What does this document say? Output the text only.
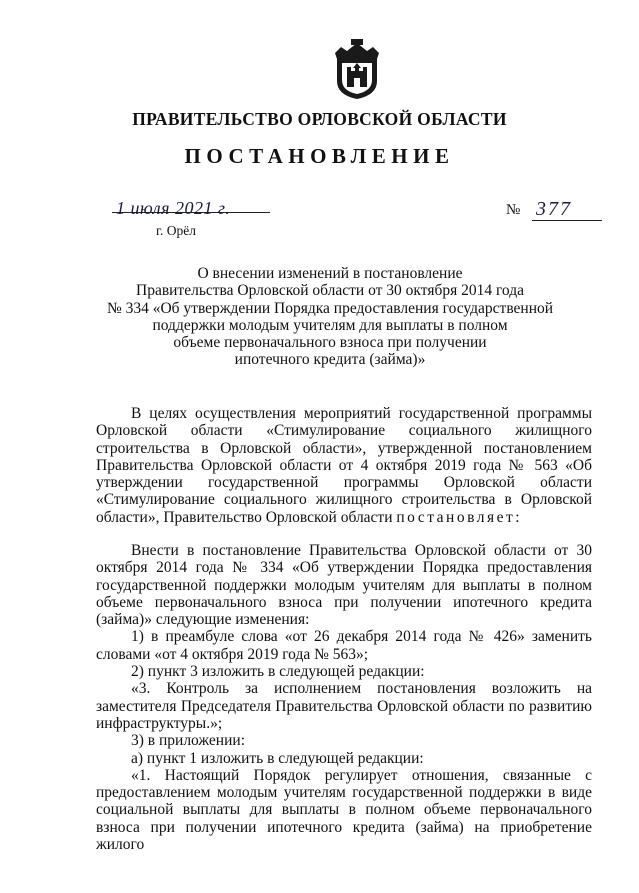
ПРАВИТЕЛЬСТВО ОРЛОВСКОЙ ОБЛАСТИ
ПОСТАНОВЛЕНИЕ
1 июля 2021 г.
г. Орёл
№ 377
О внесении изменений в постановление
Правительства Орловской области от 30 октября 2014 года
№ 334 «Об утверждении Порядка предоставления государственной
поддержки молодым учителям для выплаты в полном
объеме первоначального взноса при получении
ипотечного кредита (займа)»

В целях осуществления мероприятий государственной программы Орловской области «Стимулирование социального жилищного строительства в Орловской области», утвержденной постановлением Правительства Орловской области от 4 октября 2019 года № 563 «Об утверждении государственной программы Орловской области «Стимулирование социального жилищного строительства в Орловской области», Правительство Орловской области постановляет:

Внести в постановление Правительства Орловской области от 30 октября 2014 года № 334 «Об утверждении Порядка предоставления государственной поддержки молодым учителям для выплаты в полном объеме первоначального взноса при получении ипотечного кредита (займа)» следующие изменения:

1) в преамбуле слова «от 26 декабря 2014 года № 426» заменить словами «от 4 октября 2019 года № 563»;

2) пункт 3 изложить в следующей редакции:

«3. Контроль за исполнением постановления возложить на заместителя Председателя Правительства Орловской области по развитию инфраструктуры.»;

3) в приложении:

а) пункт 1 изложить в следующей редакции:

«1. Настоящий Порядок регулирует отношения, связанные с предоставлением молодым учителям государственной поддержки в виде социальной выплаты для выплаты в полном объеме первоначального взноса при получении ипотечного кредита (займа) на приобретение жилого
